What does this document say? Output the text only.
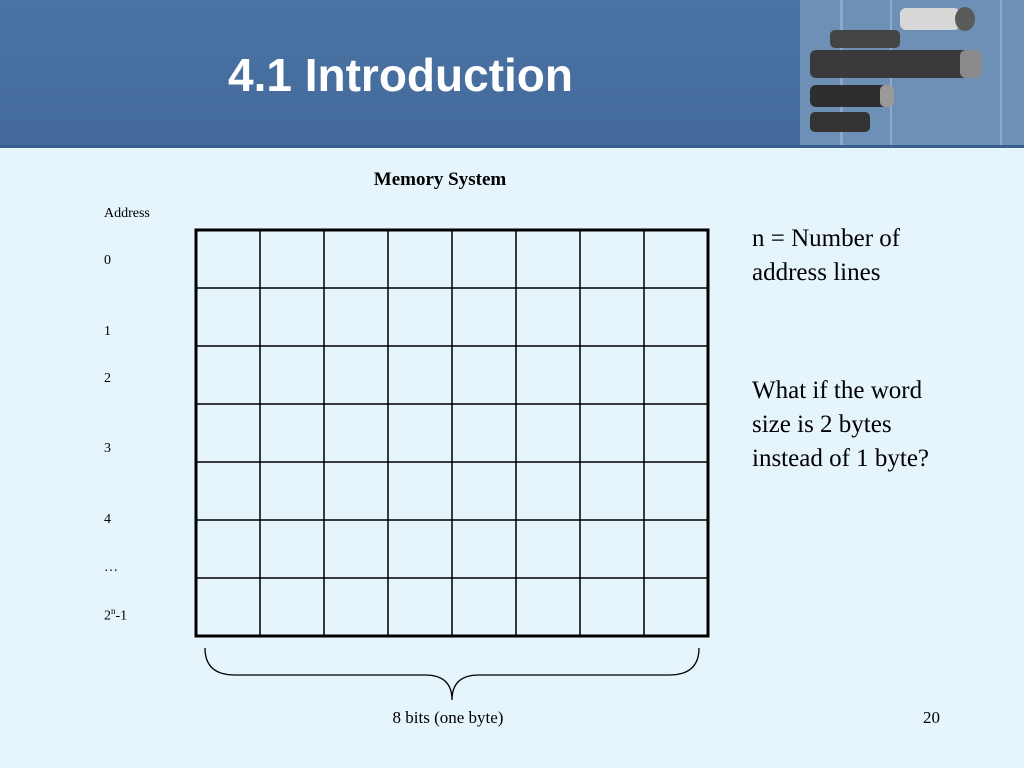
4.1 Introduction
Memory System
Address
0
1
2
3
4
…
2$^n$-1
n = Number of address lines
What if the word size is 2 bytes instead of 1 byte?
8 bits (one byte)	20
